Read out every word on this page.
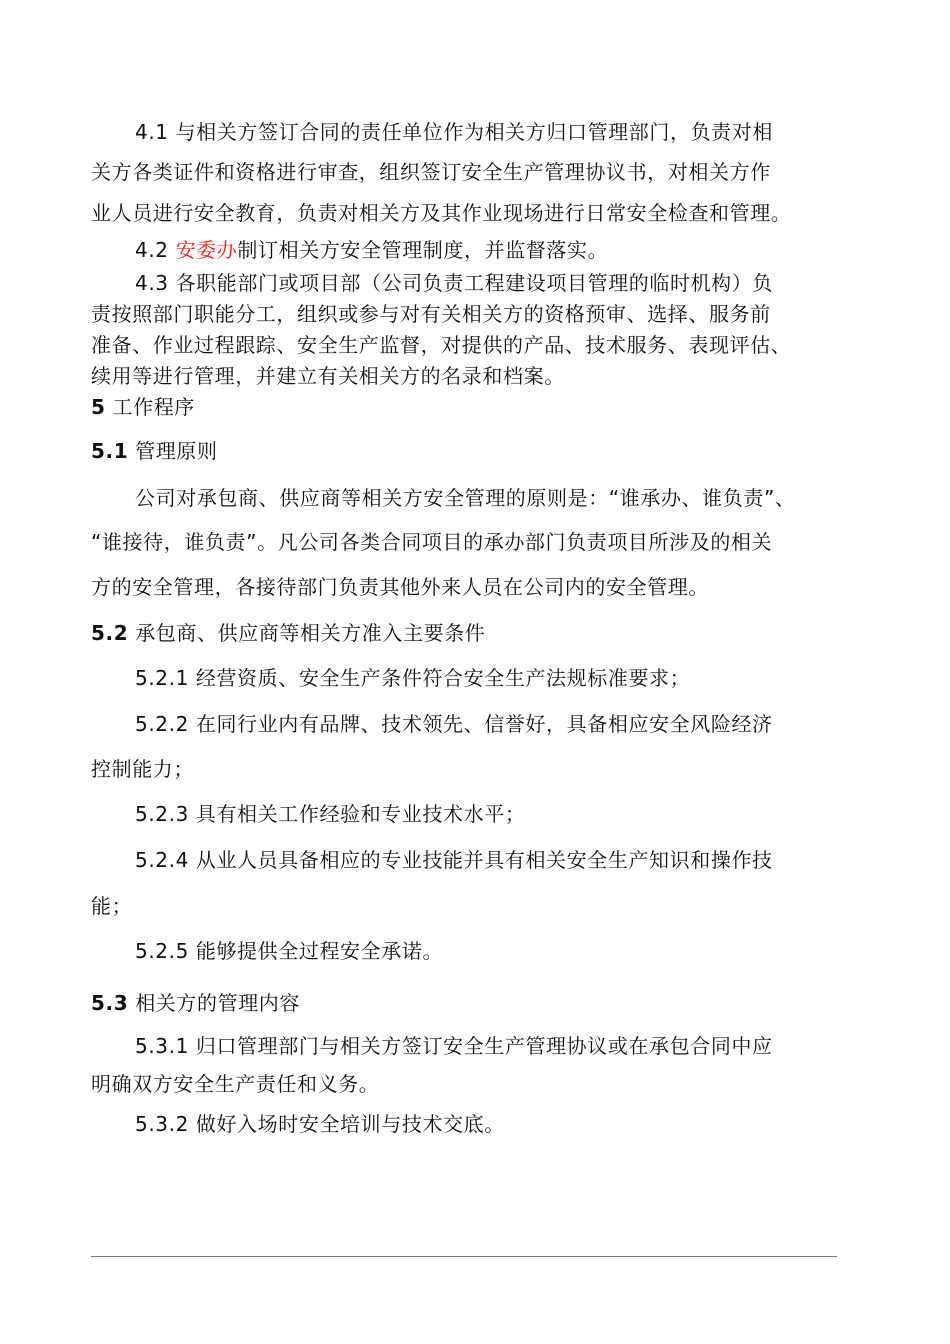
4.1 与相关方签订合同的责任单位作为相关方归口管理部门，负责对相
关方各类证件和资格进行审查，组织签订安全生产管理协议书，对相关方作
业人员进行安全教育，负责对相关方及其作业现场进行日常安全检查和管理。
4.2 安委办制订相关方安全管理制度，并监督落实。
4.3 各职能部门或项目部（公司负责工程建设项目管理的临时机构）负
责按照部门职能分工，组织或参与对有关相关方的资格预审、选择、服务前
准备、作业过程跟踪、安全生产监督，对提供的产品、技术服务、表现评估、
续用等进行管理，并建立有关相关方的名录和档案。
5 工作程序
5.1 管理原则
公司对承包商、供应商等相关方安全管理的原则是：“谁承办、谁负责”、
“谁接待，谁负责”。凡公司各类合同项目的承办部门负责项目所涉及的相关
方的安全管理，各接待部门负责其他外来人员在公司内的安全管理。
5.2 承包商、供应商等相关方准入主要条件
5.2.1 经营资质、安全生产条件符合安全生产法规标准要求；
5.2.2 在同行业内有品牌、技术领先、信誉好，具备相应安全风险经济
控制能力；
5.2.3 具有相关工作经验和专业技术水平；
5.2.4 从业人员具备相应的专业技能并具有相关安全生产知识和操作技
能；
5.2.5 能够提供全过程安全承诺。
5.3 相关方的管理内容
5.3.1 归口管理部门与相关方签订安全生产管理协议或在承包合同中应
明确双方安全生产责任和义务。
5.3.2 做好入场时安全培训与技术交底。
